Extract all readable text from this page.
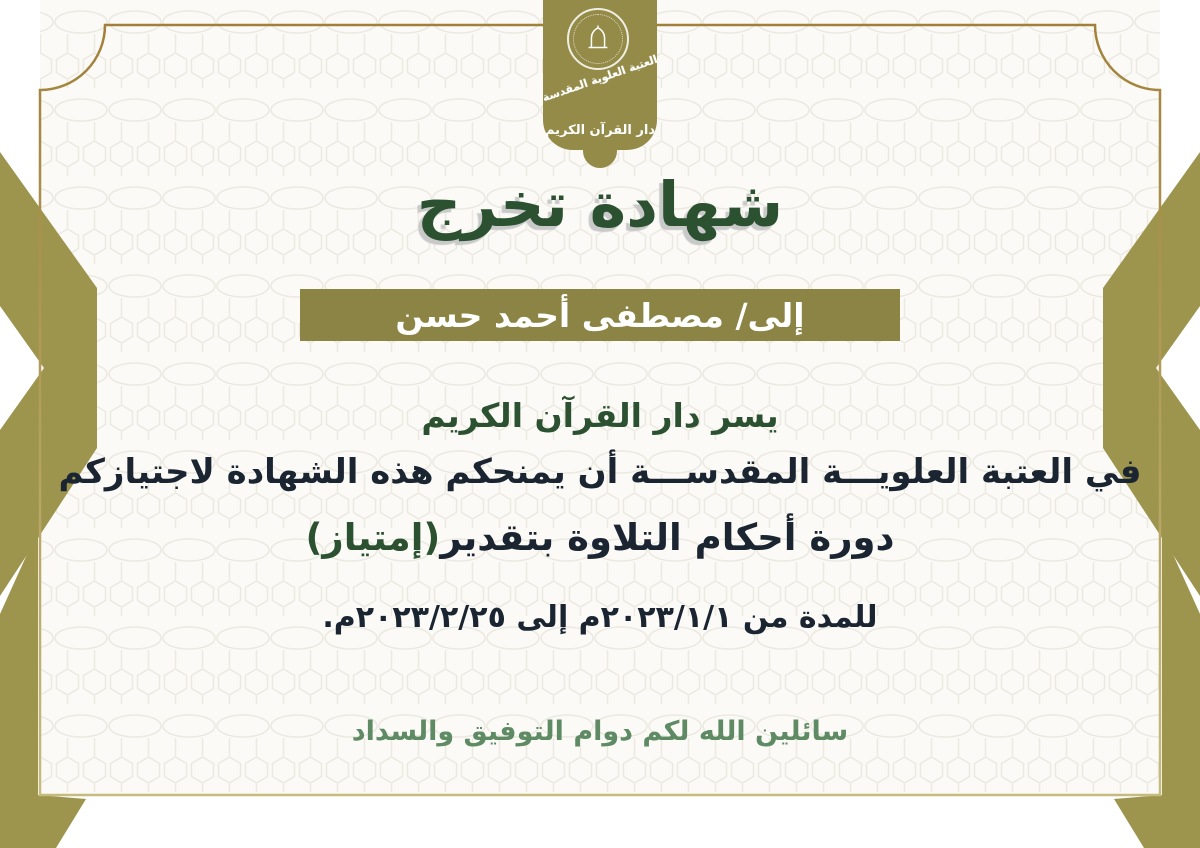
العتبة العلوية المقدسة
دار القرآن الكريم
شهادة تخرج
إلى/ مصطفى أحمد حسن

يسر دار القرآن الكريم

في العتبة العلويـــة المقدســـة أن يمنحكم هذه الشهادة لاجتيازكم

دورة أحكام التلاوة بتقدير(إمتياز)

للمدة من ٢٠٢٣/١/١م إلى ٢٠٢٣/٢/٢٥م.

سائلين الله لكم دوام التوفيق والسداد
